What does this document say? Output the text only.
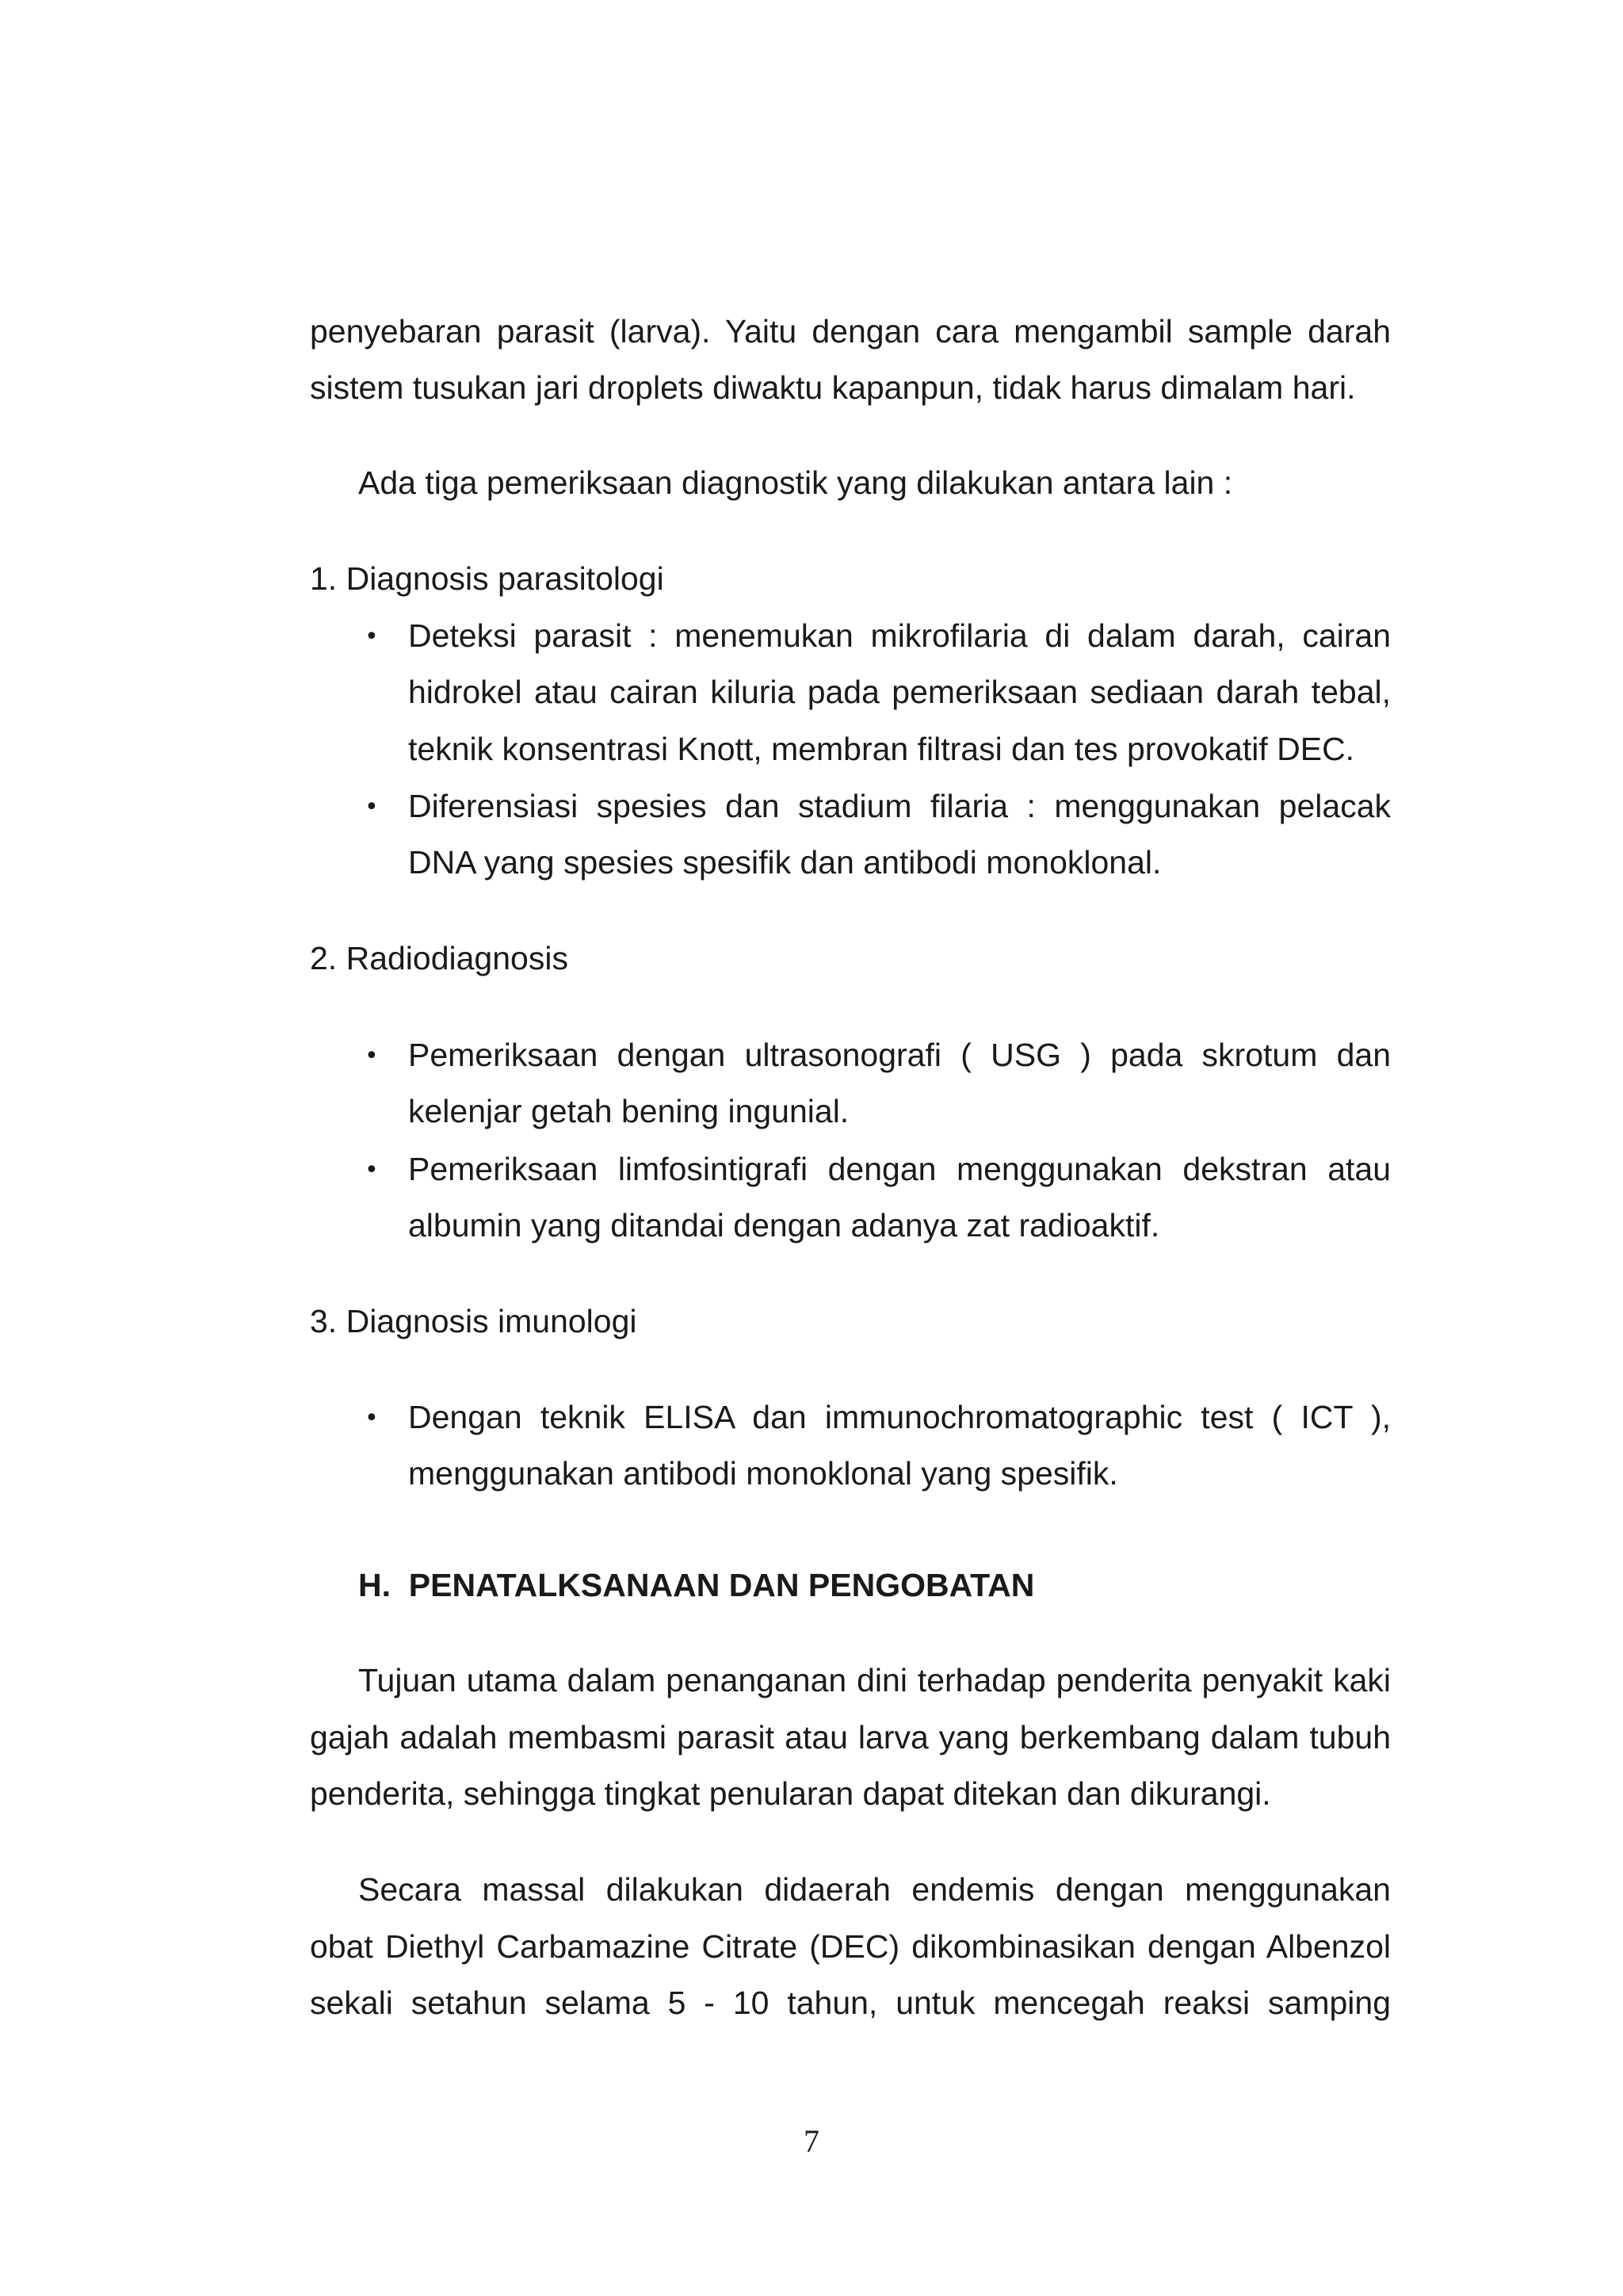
penyebaran parasit (larva). Yaitu dengan cara mengambil sample darah
sistem tusukan jari droplets diwaktu kapanpun, tidak harus dimalam hari.
Ada tiga pemeriksaan diagnostik yang dilakukan antara lain :
1. Diagnosis parasitologi
• Deteksi parasit : menemukan mikrofilaria di dalam darah, cairan
hidrokel atau cairan kiluria pada pemeriksaan sediaan darah tebal,
teknik konsentrasi Knott, membran filtrasi dan tes provokatif DEC.
• Diferensiasi spesies dan stadium filaria : menggunakan pelacak
DNA yang spesies spesifik dan antibodi monoklonal.
2. Radiodiagnosis
• Pemeriksaan dengan ultrasonografi ( USG ) pada skrotum dan
kelenjar getah bening ingunial.
• Pemeriksaan limfosintigrafi dengan menggunakan dekstran atau
albumin yang ditandai dengan adanya zat radioaktif.
3. Diagnosis imunologi
• Dengan teknik ELISA dan immunochromatographic test ( ICT ),
menggunakan antibodi monoklonal yang spesifik.
H.  PENATALKSANAAN DAN PENGOBATAN
Tujuan utama dalam penanganan dini terhadap penderita penyakit kaki
gajah adalah membasmi parasit atau larva yang berkembang dalam tubuh
penderita, sehingga tingkat penularan dapat ditekan dan dikurangi.
Secara massal dilakukan didaerah endemis dengan menggunakan
obat Diethyl Carbamazine Citrate (DEC) dikombinasikan dengan Albenzol
sekali setahun selama 5 - 10 tahun, untuk mencegah reaksi samping
7
